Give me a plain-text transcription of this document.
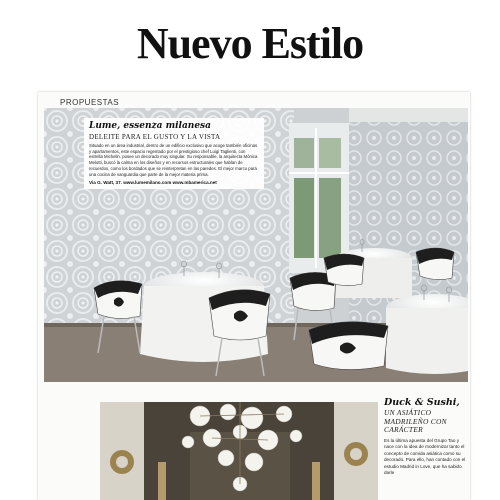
Nuevo Estilo
PROPUESTAS
Lume, essenza milanesa
DELEITE PARA EL GUSTO Y LA VISTA
Situado en un área industrial, dentro de un edificio exclusivo que acoge también oficinas y apartamentos, este espacio regentado por el prestigioso chef Luigi Taglienti, con estrella Michelin, posee un decorado muy singular. Su responsable, la arquitecta Mónica Melotti, buscó la calma en los diseños y en recursos estructurales que hablan de recuerdos, como los bordados que se reinterpretan en las paredes. El mejor marco para una cocina de vanguardia que parte de la mejor materia prima.
Via G. Watt, 37. www.lumemilano.com www.mbamerica.net
Duck & Sushi,
UN ASIÁTICO MADRILEÑO CON CARÁCTER
Es la última apuesta del Grupo Tao y nace con la idea de modernizar tanto el concepto de comida asiática como su decorado. Para ello, han contado con el estudio Madrid in Love, que ha sabido darle
